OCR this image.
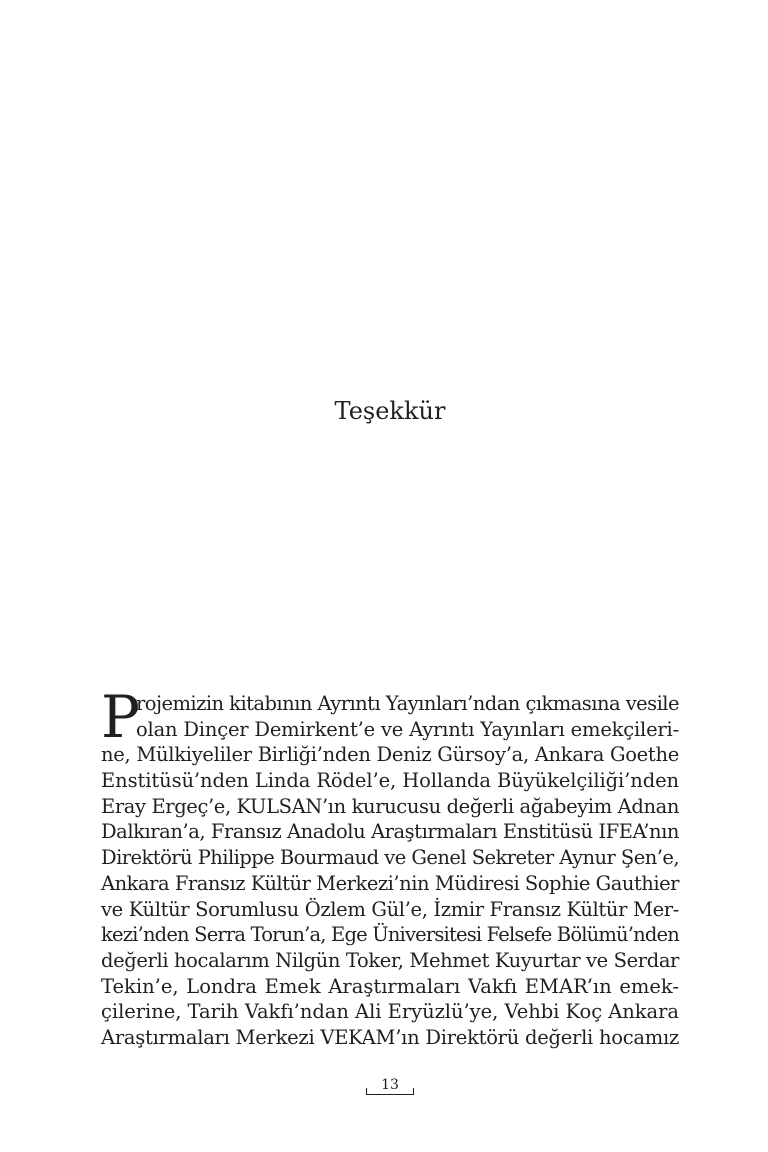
Teşekkür
P
rojemizin kitabının Ayrıntı Yayınları’ndan çıkmasına vesile
olan Dinçer Demirkent’e ve Ayrıntı Yayınları emekçileri-
ne, Mülkiyeliler Birliği’nden Deniz Gürsoy’a, Ankara Goethe
Enstitüsü’nden Linda Rödel’e, Hollanda Büyükelçiliği’nden
Eray Ergeç’e, KULSAN’ın kurucusu değerli ağabeyim Adnan
Dalkıran’a, Fransız Anadolu Araştırmaları Enstitüsü IFEA’nın
Direktörü Philippe Bourmaud ve Genel Sekreter Aynur Şen’e,
Ankara Fransız Kültür Merkezi’nin Müdiresi Sophie Gauthier
ve Kültür Sorumlusu Özlem Gül’e, İzmir Fransız Kültür Mer-
kezi’nden Serra Torun’a, Ege Üniversitesi Felsefe Bölümü’nden
değerli hocalarım Nilgün Toker, Mehmet Kuyurtar ve Serdar
Tekin’e, Londra Emek Araştırmaları Vakfı EMAR’ın emek-
çilerine, Tarih Vakfı’ndan Ali Eryüzlü’ye, Vehbi Koç Ankara
Araştırmaları Merkezi VEKAM’ın Direktörü değerli hocamız
13
